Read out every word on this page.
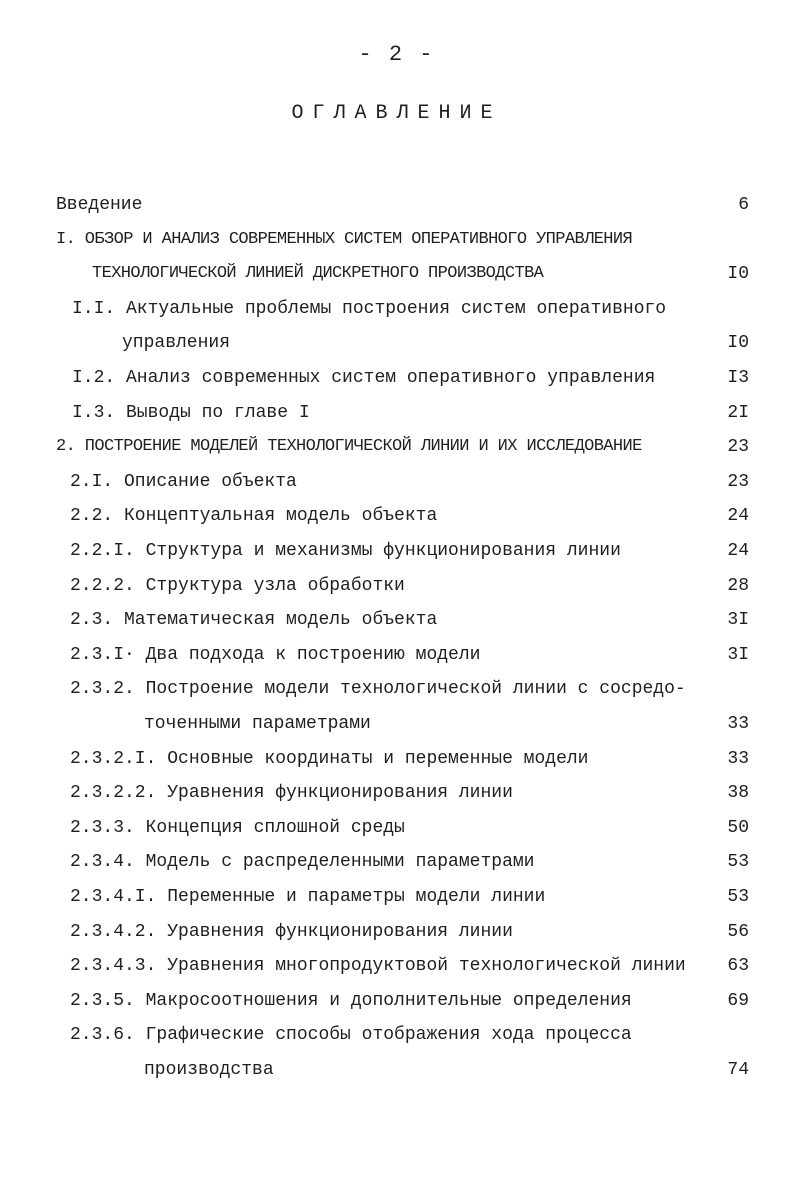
- 2 -
ОГЛАВЛЕНИЕ
Введение	6
I. ОБЗОР И АНАЛИЗ СОВРЕМЕННЫХ СИСТЕМ ОПЕРАТИВНОГО УПРАВЛЕНИЯ
ТЕХНОЛОГИЧЕСКОЙ ЛИНИЕЙ ДИСКРЕТНОГО ПРОИЗВОДСТВА	I0
I.I. Актуальные проблемы построения систем оперативного
управления	I0
I.2. Анализ современных систем оперативного управления	I3
I.3. Выводы по главе I	2I
2. ПОСТРОЕНИЕ МОДЕЛЕЙ ТЕХНОЛОГИЧЕСКОЙ ЛИНИИ И ИХ ИССЛЕДОВАНИЕ	23
2.I. Описание объекта	23
2.2. Концептуальная модель объекта	24
2.2.I. Структура и механизмы функционирования линии	24
2.2.2. Структура узла обработки	28
2.3. Математическая модель объекта	3I
2.3.I· Два подхода к построению модели	3I
2.3.2. Построение модели технологической линии с сосредо-
точенными параметрами	33
2.3.2.I. Основные координаты и переменные модели	33
2.3.2.2. Уравнения функционирования линии	38
2.3.3. Концепция сплошной среды	50
2.3.4. Модель с распределенными параметрами	53
2.3.4.I. Переменные и параметры модели линии	53
2.3.4.2. Уравнения функционирования линии	56
2.3.4.3. Уравнения многопродуктовой технологической линии 63
2.3.5. Макросоотношения и дополнительные определения	69
2.3.6. Графические способы отображения хода процесса
производства	74
